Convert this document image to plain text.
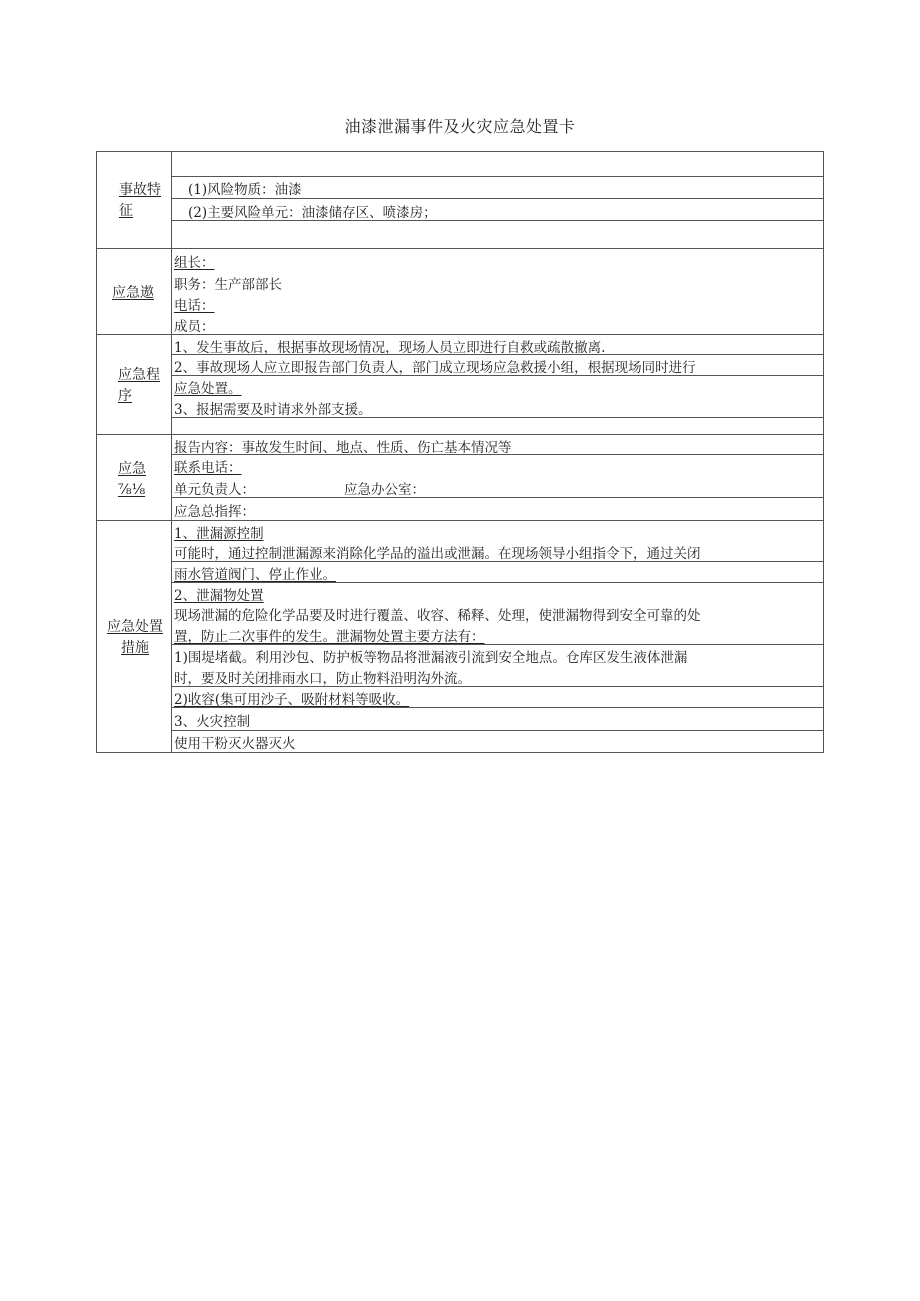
油漆泄漏事件及火灾应急处置卡
事故特
征
(1)风险物质：油漆
(2)主要风险单元：油漆储存区、喷漆房；
应急遨
组长：  
职务：生产部部长
电话：
成员：
应急程
序
1、发生事故后，根据事故现场情况，现场人员立即进行自救或疏散撤离.
2、事故现场人应立即报告部门负责人，部门成立现场应急救援小组，根据现场同时进行
应急处置。
3、报据需要及时请求外部支援。
应急
⅞⅛
报告内容：事故发生时间、地点、性质、伤亡基本情况等
联系电话：
单元负责人：	应急办公室：
应急总指挥：
应急处置
措施
1、泄漏源控制
可能时，通过控制泄漏源来消除化学品的溢出或泄漏。在现场领导小组指令下，通过关闭
雨水管道阀门、停止作业。
2、泄漏物处置
现场泄漏的危险化学品要及时进行覆盖、收容、稀释、处理，使泄漏物得到安全可靠的处
置，防止二次事件的发生。泄漏物处置主要方法有：
1)围堤堵截。利用沙包、防护板等物品将泄漏液引流到安全地点。仓库区发生液体泄漏
时，要及时关闭排雨水口，防止物料沿明沟外流。
2)收容(集可用沙子、吸附材料等吸收。 
3、火灾控制
使用干粉灭火器灭火
